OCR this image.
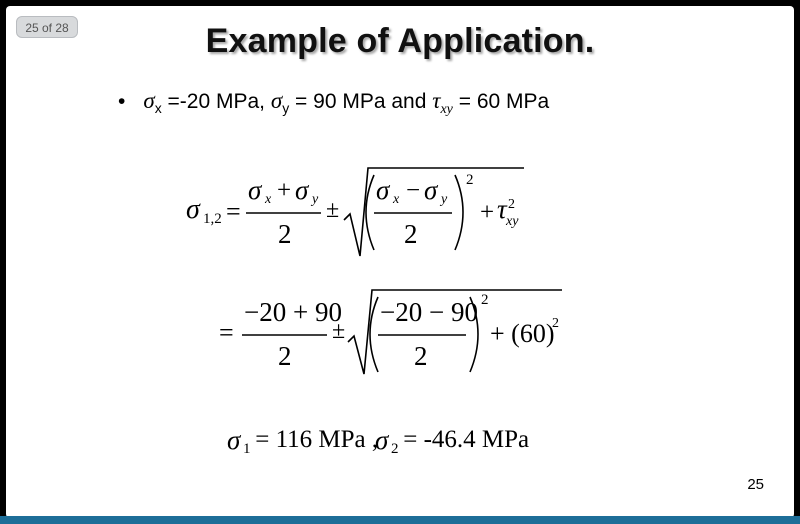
25 of 28	Example of Application.
• $\sigma_x =-20$ MPa, $\sigma_y = 90$ MPa and $\tau_{xy} = 60$ MPa
σ 1,2 =
σ x + σ y
2
±
σ x − σ y
2
2
+ τ 2
xy
=
−20 + 90
2
±
−20 − 90
2
2
+ (60)
2
σ 1
= 116 MPa ,
σ 2
= -46.4 MPa
25
